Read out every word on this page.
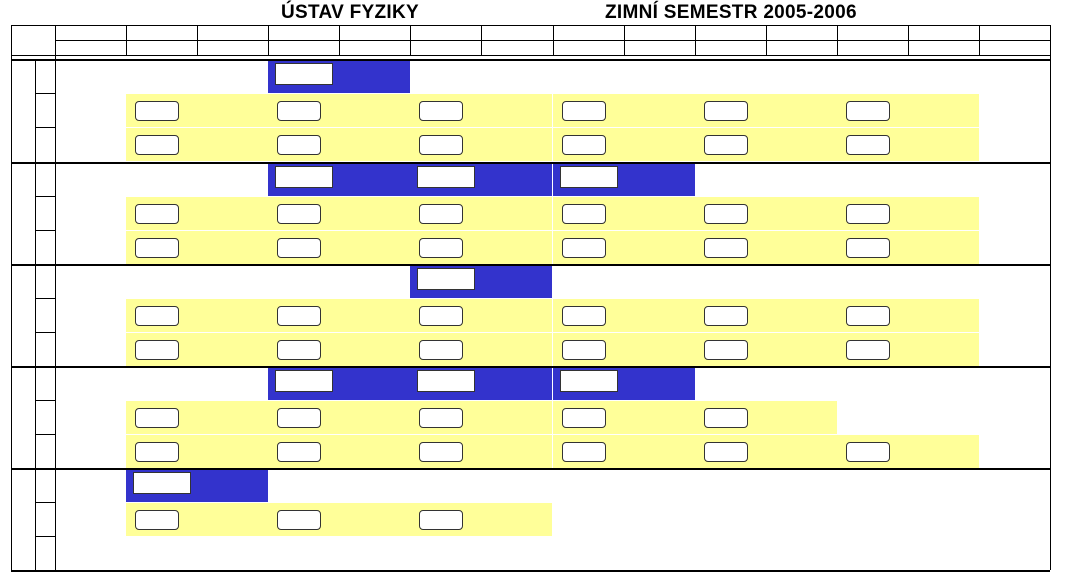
ÚSTAV FYZIKY	ZIMNÍ SEMESTR 2005-2006
